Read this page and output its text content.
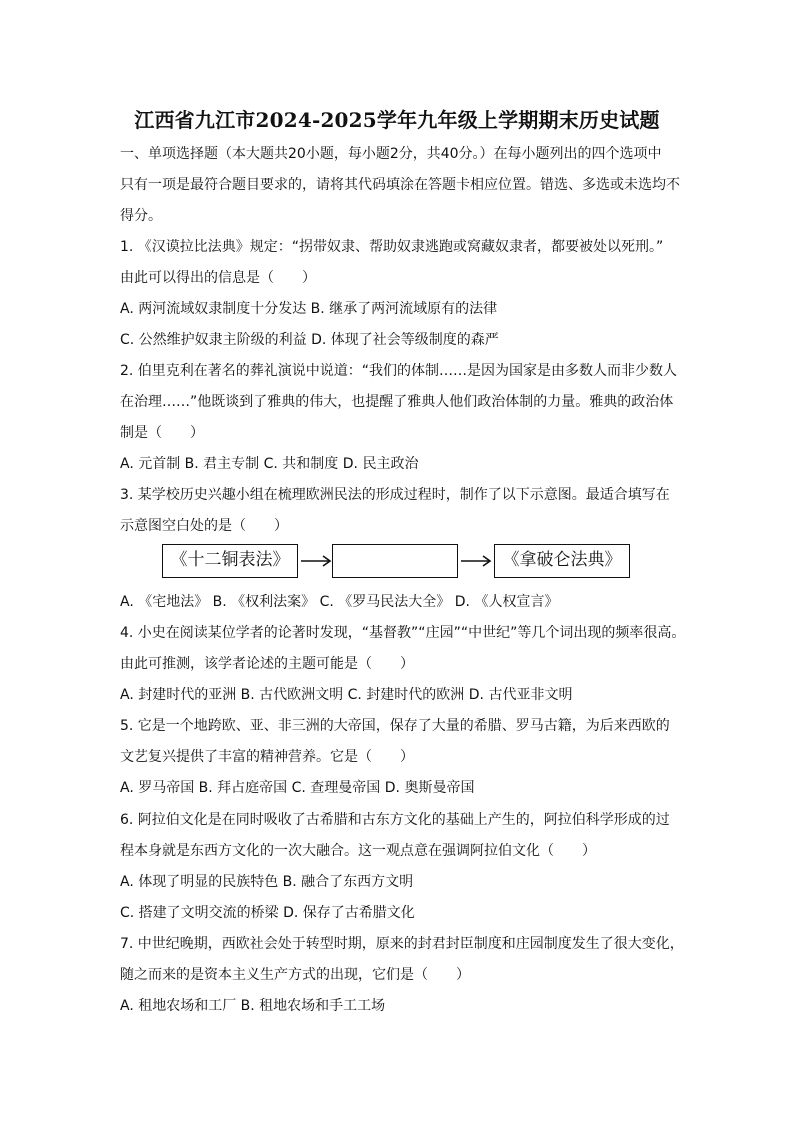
江西省九江市2024-2025学年九年级上学期期末历史试题
一、单项选择题（本大题共20小题，每小题2分，共40分。）在每小题列出的四个选项中
只有一项是最符合题目要求的，请将其代码填涂在答题卡相应位置。错选、多选或未选均不
得分。
1. 《汉谟拉比法典》规定：“拐带奴隶、帮助奴隶逃跑或窝藏奴隶者，都要被处以死刑。”
由此可以得出的信息是（　　）
A. 两河流域奴隶制度十分发达 B. 继承了两河流域原有的法律
C. 公然维护奴隶主阶级的利益 D. 体现了社会等级制度的森严
2. 伯里克利在著名的葬礼演说中说道：“我们的体制……是因为国家是由多数人而非少数人
在治理……”他既谈到了雅典的伟大，也提醒了雅典人他们政治体制的力量。雅典的政治体
制是（　　）
A. 元首制 B. 君主专制 C. 共和制度 D. 民主政治
3. 某学校历史兴趣小组在梳理欧洲民法的形成过程时，制作了以下示意图。最适合填写在
示意图空白处的是（　　）
《十二铜表法》	《拿破仑法典》
A. 《宅地法》 B. 《权利法案》 C. 《罗马民法大全》 D. 《人权宣言》
4. 小史在阅读某位学者的论著时发现，“基督教”“庄园”“中世纪”等几个词出现的频率很高。
由此可推测，该学者论述的主题可能是（　　）
A. 封建时代的亚洲 B. 古代欧洲文明 C. 封建时代的欧洲 D. 古代亚非文明
5. 它是一个地跨欧、亚、非三洲的大帝国，保存了大量的希腊、罗马古籍，为后来西欧的
文艺复兴提供了丰富的精神营养。它是（　　）
A. 罗马帝国 B. 拜占庭帝国 C. 查理曼帝国 D. 奥斯曼帝国
6. 阿拉伯文化是在同时吸收了古希腊和古东方文化的基础上产生的，阿拉伯科学形成的过
程本身就是东西方文化的一次大融合。这一观点意在强调阿拉伯文化（　　）
A. 体现了明显的民族特色 B. 融合了东西方文明
C. 搭建了文明交流的桥梁 D. 保存了古希腊文化
7. 中世纪晚期，西欧社会处于转型时期，原来的封君封臣制度和庄园制度发生了很大变化，
随之而来的是资本主义生产方式的出现，它们是（　　）
A. 租地农场和工厂 B. 租地农场和手工工场
